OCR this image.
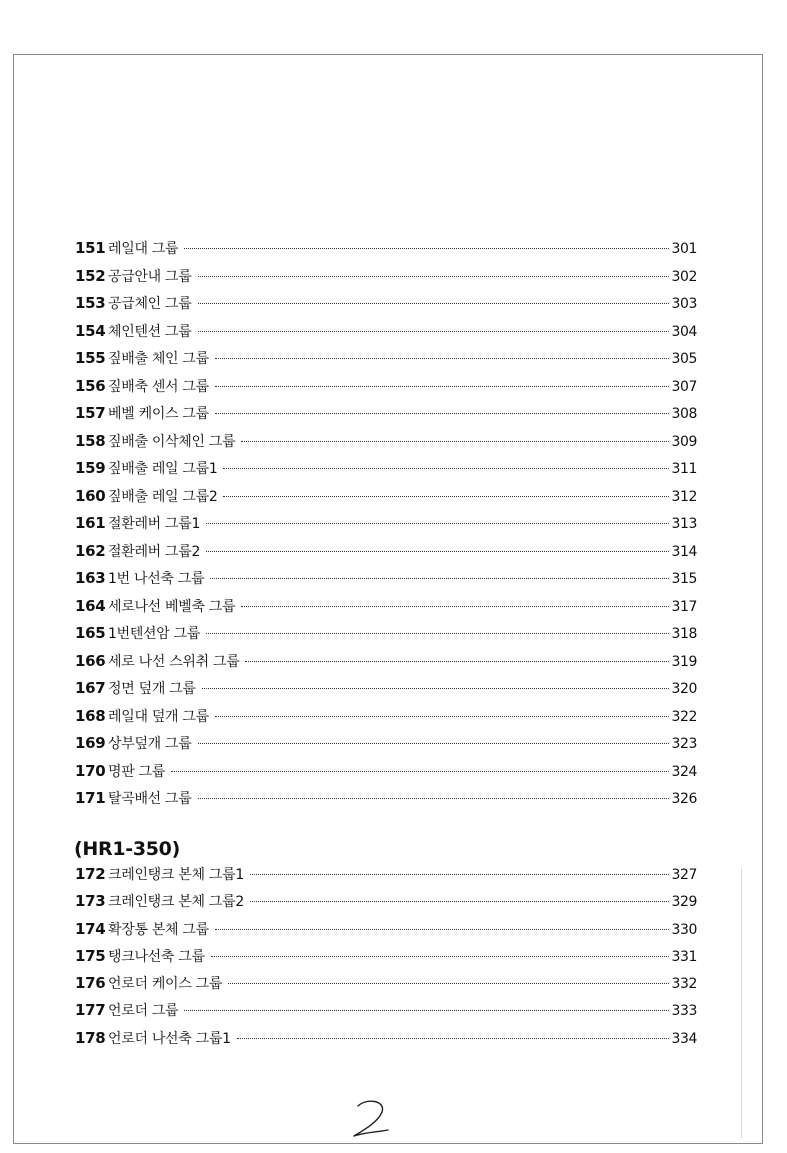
151 레일대 그룹	301
152 공급안내 그룹	302
153 공급체인 그룹	303
154 체인텐션 그룹	304
155 짚배출 체인 그룹	305
156 짚배축 센서 그룹	307
157 베벨 케이스 그룹	308
158 짚배출 이삭체인 그룹	309
159 짚배출 레일 그룹1	311
160 짚배출 레일 그룹2	312
161 절환레버 그룹1	313
162 절환레버 그룹2	314
163 1번 나선축 그룹	315
164 세로나선 베벨축 그룹	317
165 1번텐션암 그룹	318
166 세로 나선 스위취 그룹	319
167 정면 덮개 그룹	320
168 레일대 덮개 그룹	322
169 상부덮개 그룹	323
170 명판 그룹	324
171 탈곡배선 그룹	326
(HR1-350)
172 크레인탱크 본체 그룹1	327
173 크레인탱크 본체 그룹2	329
174 확장통 본체 그룹	330
175 탱크나선축 그룹	331
176 언로더 케이스 그룹	332
177 언로더 그룹	333
178 언로더 나선축 그룹1	334
